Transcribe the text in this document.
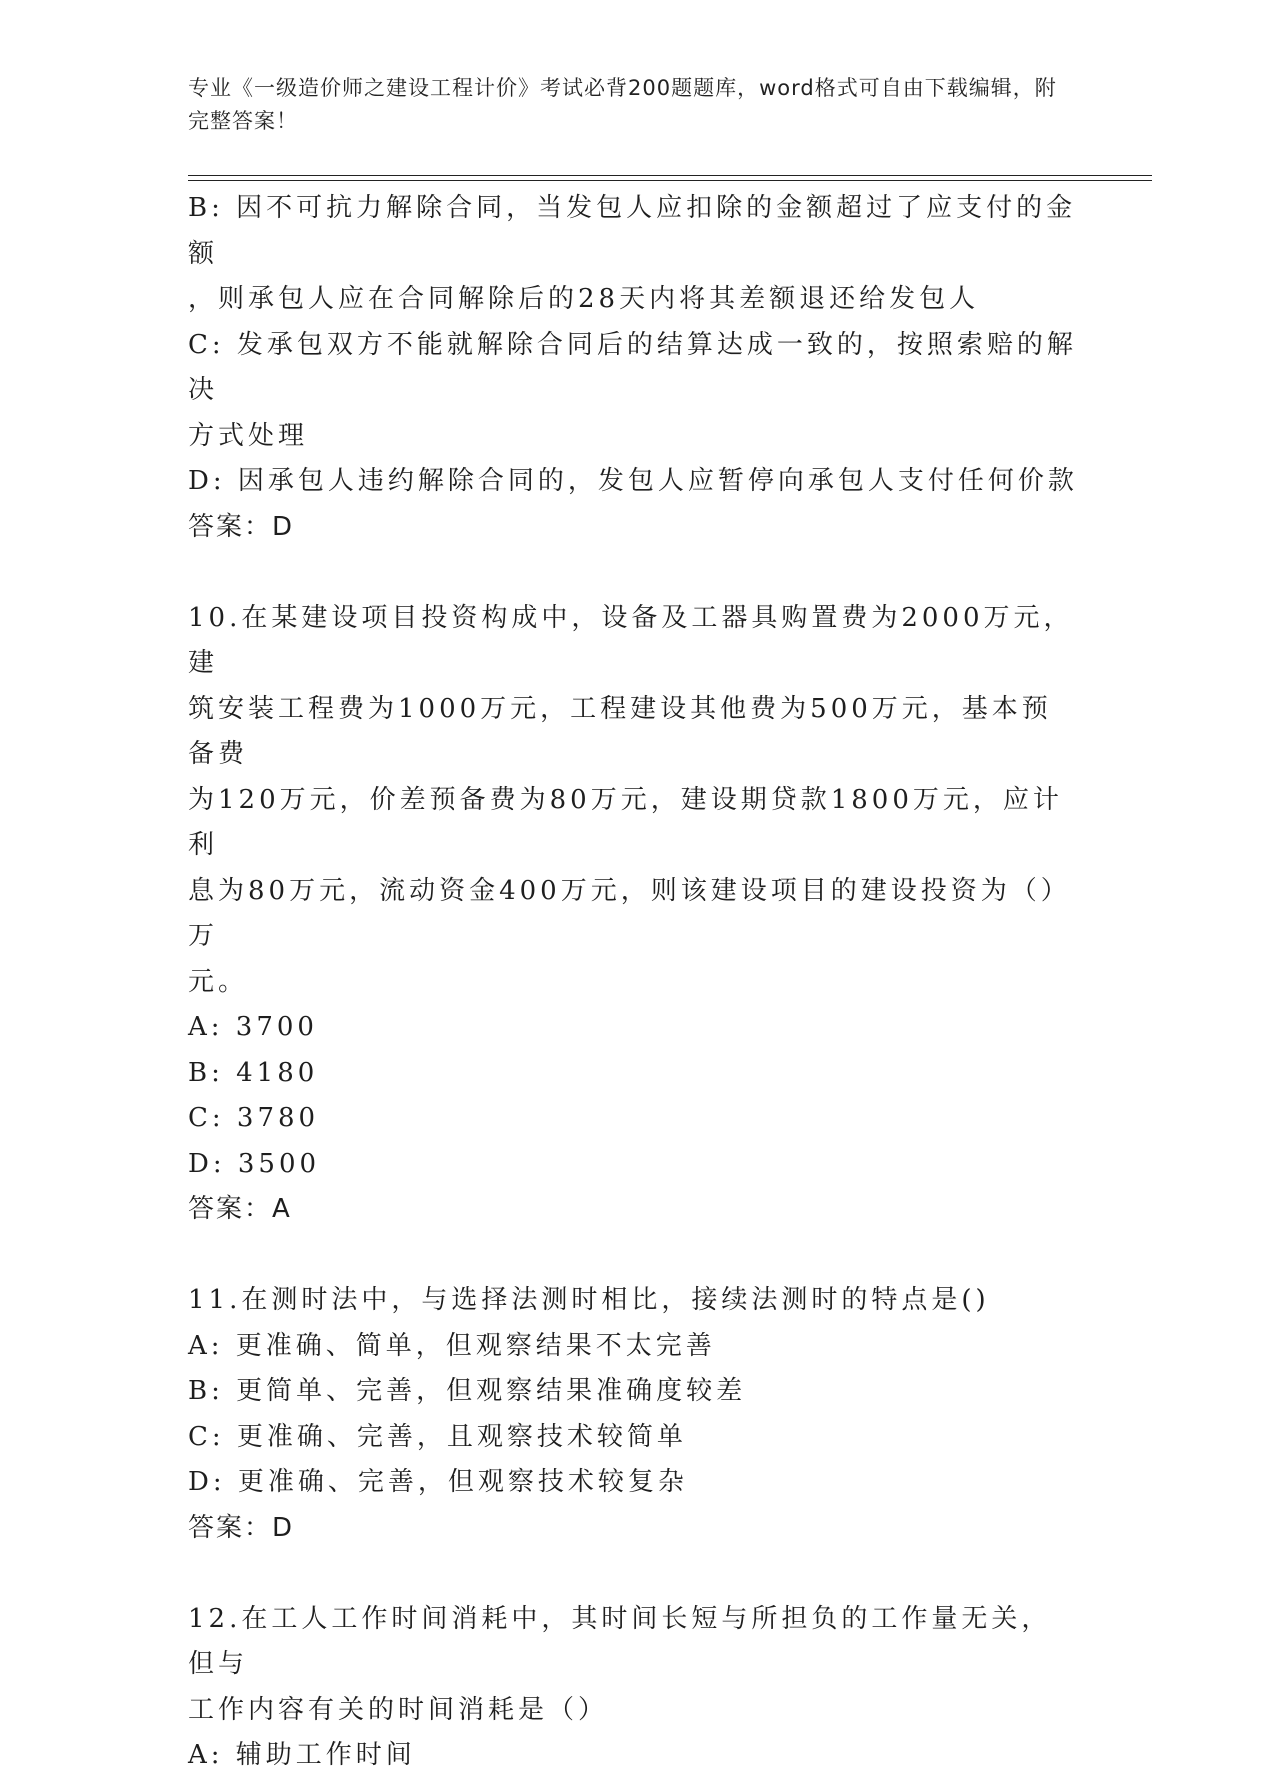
专业《一级造价师之建设工程计价》考试必背200题题库，word格式可自由下载编辑，附完整答案！
B: 因不可抗力解除合同，当发包人应扣除的金额超过了应支付的金额
，则承包人应在合同解除后的28天内将其差额退还给发包人
C: 发承包双方不能就解除合同后的结算达成一致的，按照索赔的解决
方式处理
D: 因承包人违约解除合同的，发包人应暂停向承包人支付任何价款
答案：D
10.在某建设项目投资构成中，设备及工器具购置费为2000万元，建
筑安装工程费为1000万元，工程建设其他费为500万元，基本预备费
为120万元，价差预备费为80万元，建设期贷款1800万元，应计利
息为80万元，流动资金400万元，则该建设项目的建设投资为（）万
元。
A: 3700
B: 4180
C: 3780
D: 3500
答案：A
11.在测时法中，与选择法测时相比，接续法测时的特点是()
A: 更准确、简单，但观察结果不太完善
B: 更简单、完善，但观察结果准确度较差
C: 更准确、完善，且观察技术较简单
D: 更准确、完善，但观察技术较复杂
答案：D
12.在工人工作时间消耗中，其时间长短与所担负的工作量无关，但与
工作内容有关的时间消耗是（）
A: 辅助工作时间
